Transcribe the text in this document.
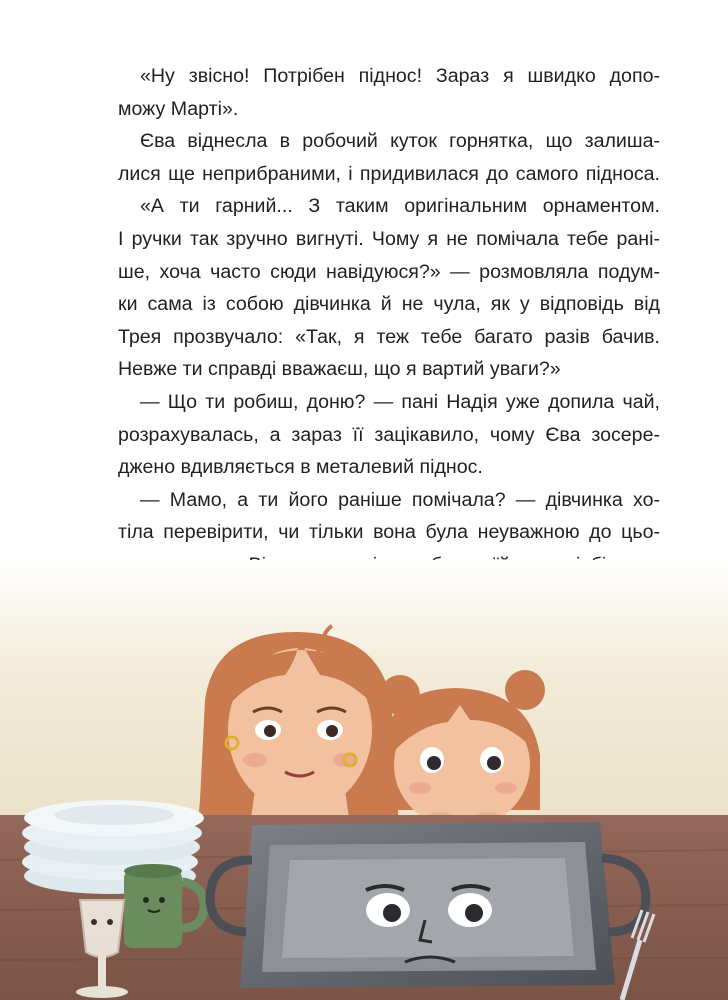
«Ну звісно! Потрібен піднос! Зараз я швидко допо-
можу Марті».
Єва віднесла в робочий куток горнятка, що залиша-
лися ще неприбраними, і придивилася до самого підноса.
«А ти гарний... З таким оригінальним орнаментом.
І ручки так зручно вигнуті. Чому я не помічала тебе рані-
ше, хоча часто сюди навідуюся?» — розмовляла подум-
ки сама із собою дівчинка й не чула, як у відповідь від
Трея прозвучало: «Так, я теж тебе багато разів бачив.
Невже ти справді вважаєш, що я вартий уваги?»
— Що ти робиш, доню? — пані Надія уже допила чай,
розрахувалась, а зараз її зацікавило, чому Єва зосере-
джено вдивляється в металевий піднос.
— Мамо, а ти його раніше помічала? — дівчинка хо-
тіла перевірити, чи тільки вона була неуважною до цьо-
